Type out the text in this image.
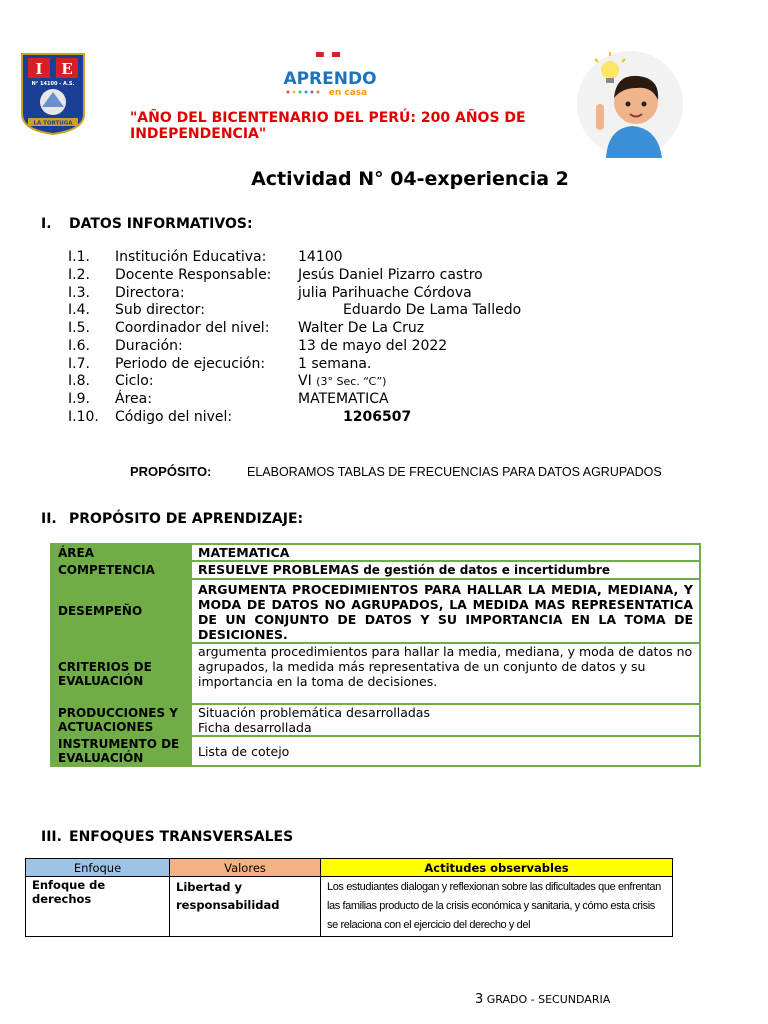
I E
N° 14100 - A.S.
LA TORTUGA
APRENDO
en casa
"AÑO DEL BICENTENARIO DEL PERÚ: 200 AÑOS DE INDEPENDENCIA"
Actividad N° 04-experiencia 2
I. DATOS INFORMATIVOS:
I.1. Institución Educativa: 14100
I.2. Docente Responsable: Jesús Daniel Pizarro castro
I.3. Directora:	julia Parihuache Córdova
I.4. Sub director:	Eduardo De Lama Talledo
I.5. Coordinador del nivel: Walter De La Cruz
I.6. Duración:	13 de mayo del 2022
I.7. Periodo de ejecución: 1 semana.
I.8. Ciclo:	VI (3° Sec. “C”)
I.9. Área:	MATEMATICA
I.10. Código del nivel:	1206507
PROPÓSITO:	ELABORAMOS TABLAS DE FRECUENCIAS PARA DATOS AGRUPADOS
II. PROPÓSITO DE APRENDIZAJE:
ÁREA	MATEMATICA
COMPETENCIA	RESUELVE PROBLEMAS de gestión de datos e incertidumbre
DESEMPEÑO	ARGUMENTA PROCEDIMIENTOS PARA HALLAR LA MEDIA, MEDIANA, Y MODA DE DATOS NO AGRUPADOS, LA MEDIDA MAS REPRESENTATICA DE UN CONJUNTO DE DATOS Y SU IMPORTANCIA EN LA TOMA DE DESICIONES.
CRITERIOS DE EVALUACIÓN	argumenta procedimientos para hallar la media, mediana, y moda de datos no agrupados, la medida más representativa de un conjunto de datos y su importancia en la toma de decisiones.
PRODUCCIONES Y ACTUACIONES	Situación problemática desarrolladas
Ficha desarrollada

INSTRUMENTO DE EVALUACIÓN	Lista de cotejo
III. ENFOQUES TRANSVERSALES
Enfoque	Valores	Actitudes observables
Enfoque de derechos	Libertad y responsabilidad	Los estudiantes dialogan y reflexionan sobre las dificultades que enfrentan las familias producto de la crisis económica y sanitaria, y cómo esta crisis se relaciona con el ejercicio del derecho y del
3 GRADO - SECUNDARIA
